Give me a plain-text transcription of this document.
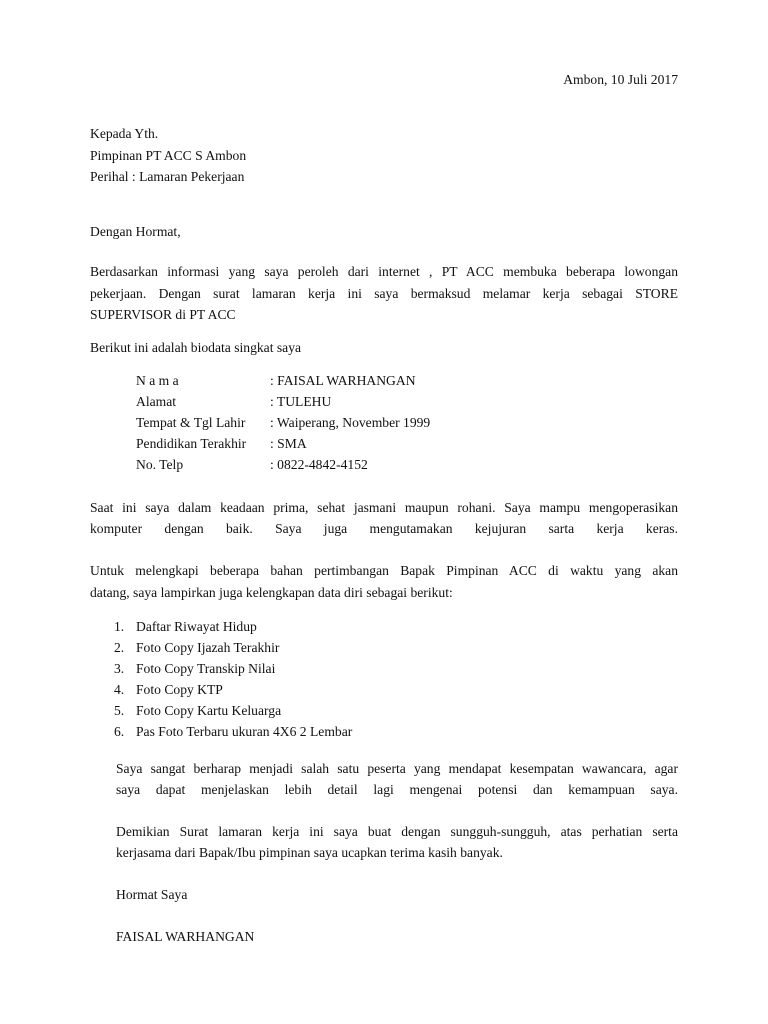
Ambon, 10 Juli 2017
Kepada Yth.
Pimpinan PT ACC S Ambon
Perihal : Lamaran Pekerjaan
Dengan Hormat,
Berdasarkan informasi yang saya peroleh dari internet , PT ACC membuka beberapa lowongan
pekerjaan. Dengan surat lamaran kerja ini saya bermaksud melamar kerja sebagai STORE
SUPERVISOR di PT ACC
Berikut ini adalah biodata singkat saya
N a m a	: FAISAL WARHANGAN
Alamat	: TULEHU
Tempat & Tgl Lahir : Waiperang, November 1999
Pendidikan Terakhir : SMA
No. Telp	: 0822-4842-4152
Saat ini saya dalam keadaan prima, sehat jasmani maupun rohani. Saya mampu mengoperasikan
komputer dengan baik. Saya juga mengutamakan kejujuran sarta kerja keras.
Untuk melengkapi beberapa bahan pertimbangan Bapak Pimpinan ACC di waktu yang akan
datang, saya lampirkan juga kelengkapan data diri sebagai berikut:
1. Daftar Riwayat Hidup
2. Foto Copy Ijazah Terakhir
3. Foto Copy Transkip Nilai
4. Foto Copy KTP
5. Foto Copy Kartu Keluarga
6. Pas Foto Terbaru ukuran 4X6 2 Lembar
Saya sangat berharap menjadi salah satu peserta yang mendapat kesempatan wawancara, agar
saya dapat menjelaskan lebih detail lagi mengenai potensi dan kemampuan saya.
Demikian Surat lamaran kerja ini saya buat dengan sungguh-sungguh, atas perhatian serta
kerjasama dari Bapak/Ibu pimpinan saya ucapkan terima kasih banyak.
Hormat Saya
FAISAL WARHANGAN
